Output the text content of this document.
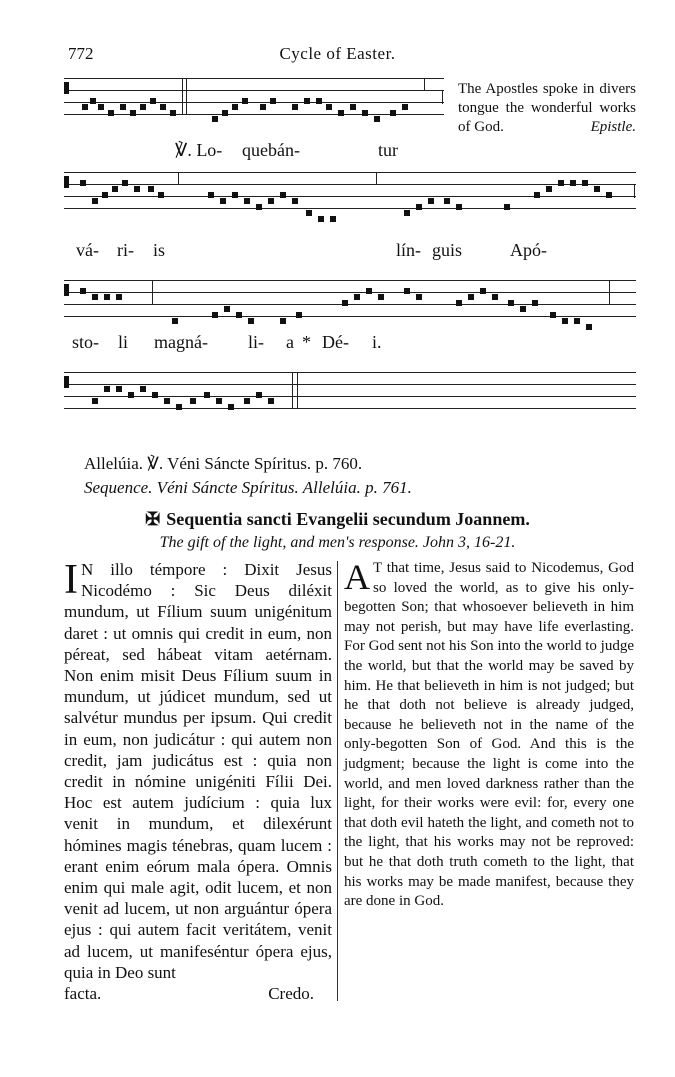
772	Cycle of Easter.
℣. Lo- quebán-	tur
The Apostles spoke in divers tongue the wonderful works of God.	Epistle.
vá- ri- is	lín- guis	Apó-
sto- li magná- li- a * Dé- i.
Allelúia. ℣. Véni Sáncte Spíritus. p. 760.
Sequence. Véni Sáncte Spíritus. Allelúia. p. 761.
✠ Sequentia sancti Evangelii secundum Joannem.
The gift of the light, and men's response. John 3, 16-21.
I N illo témpore : Dixit Jesus Nicodémo : Sic Deus diléxit mundum, ut Fílium suum unigénitum daret : ut omnis qui credit in eum, non péreat, sed hábeat vitam aetérnam. Non enim misit Deus Fílium suum in mundum, ut júdicet mundum, sed ut salvétur mundus per ipsum. Qui credit in eum, non judicátur : qui autem non credit, jam judicátus est : quia non credit in nómine unigéniti Fílii Dei. Hoc est autem judícium : quia lux venit in mundum, et dilexérunt hómines magis ténebras, quam lucem : erant enim eórum mala ópera. Omnis enim qui male agit, odit lucem, et non venit ad lucem, ut non arguántur ópera ejus : qui autem facit veritátem, venit ad lucem, ut manifeséntur ópera ejus, quia in Deo sunt
facta.	Credo.
A T that time, Jesus said to Nicodemus, God so loved the world, as to give his only-begotten Son; that whosoever believeth in him may not perish, but may have life everlasting. For God sent not his Son into the world to judge the world, but that the world may be saved by him. He that believeth in him is not judged; but he that doth not believe is already judged, because he believeth not in the name of the only-begotten Son of God. And this is the judgment; because the light is come into the world, and men loved darkness rather than the light, for their works were evil: for, every one that doth evil hateth the light, and cometh not to the light, that his works may not be reproved: but he that doth truth cometh to the light, that his works may be made manifest, because they are done in God.
